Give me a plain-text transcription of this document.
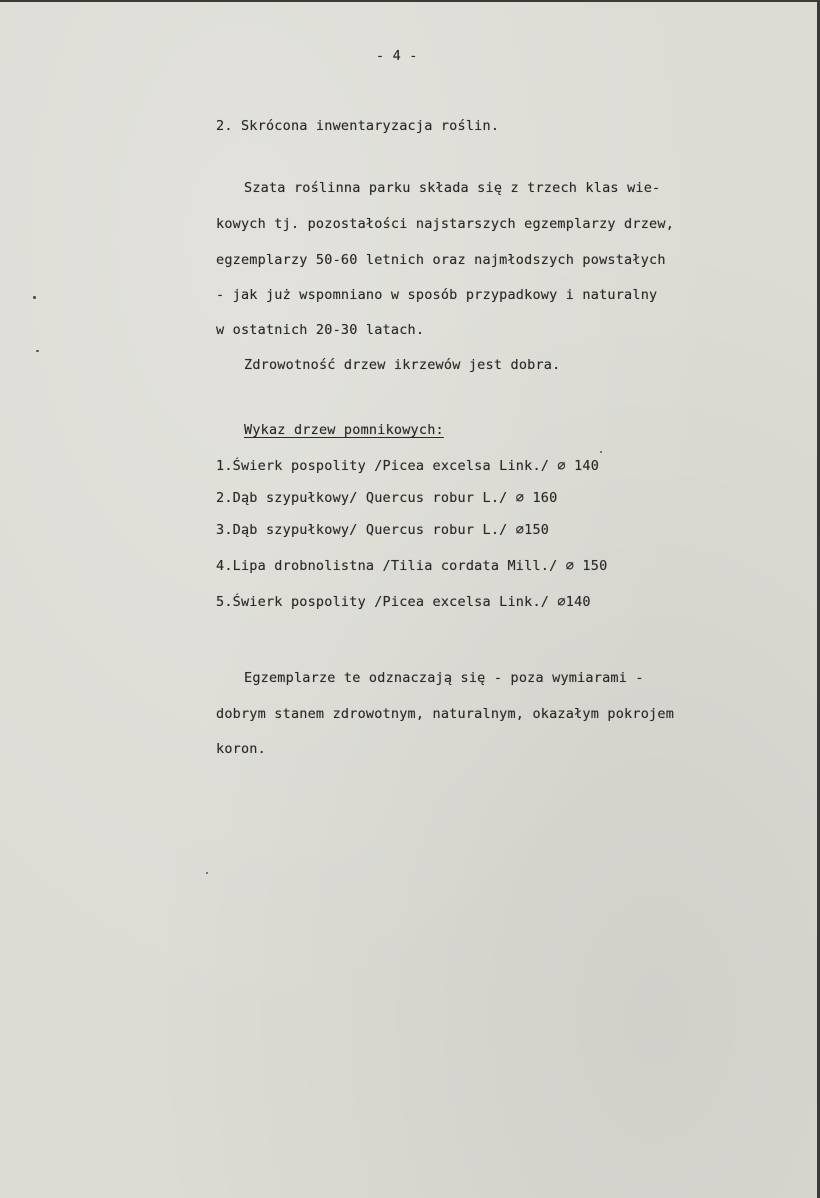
- 4 -
2. Skrócona inwentaryzacja roślin.
Szata roślinna parku składa się z trzech klas wie-
kowych tj. pozostałości najstarszych egzemplarzy drzew,
egzemplarzy 50-60 letnich oraz najmłodszych powstałych
- jak już wspomniano w sposób przypadkowy i naturalny
w ostatnich 20-30 latach.
Zdrowotność drzew ikrzewów jest dobra.
Wykaz drzew pomnikowych:
1.Świerk pospolity /Picea excelsa Link./ ∅ 140
2.Dąb szypułkowy/ Quercus robur L./ ∅ 160
3.Dąb szypułkowy/ Quercus robur L./ ∅150
4.Lipa drobnolistna /Tilia cordata Mill./ ∅ 150
5.Świerk pospolity /Picea excelsa Link./ ∅140
Egzemplarze te odznaczają się - poza wymiarami -
dobrym stanem zdrowotnym, naturalnym, okazałym pokrojem
koron.
